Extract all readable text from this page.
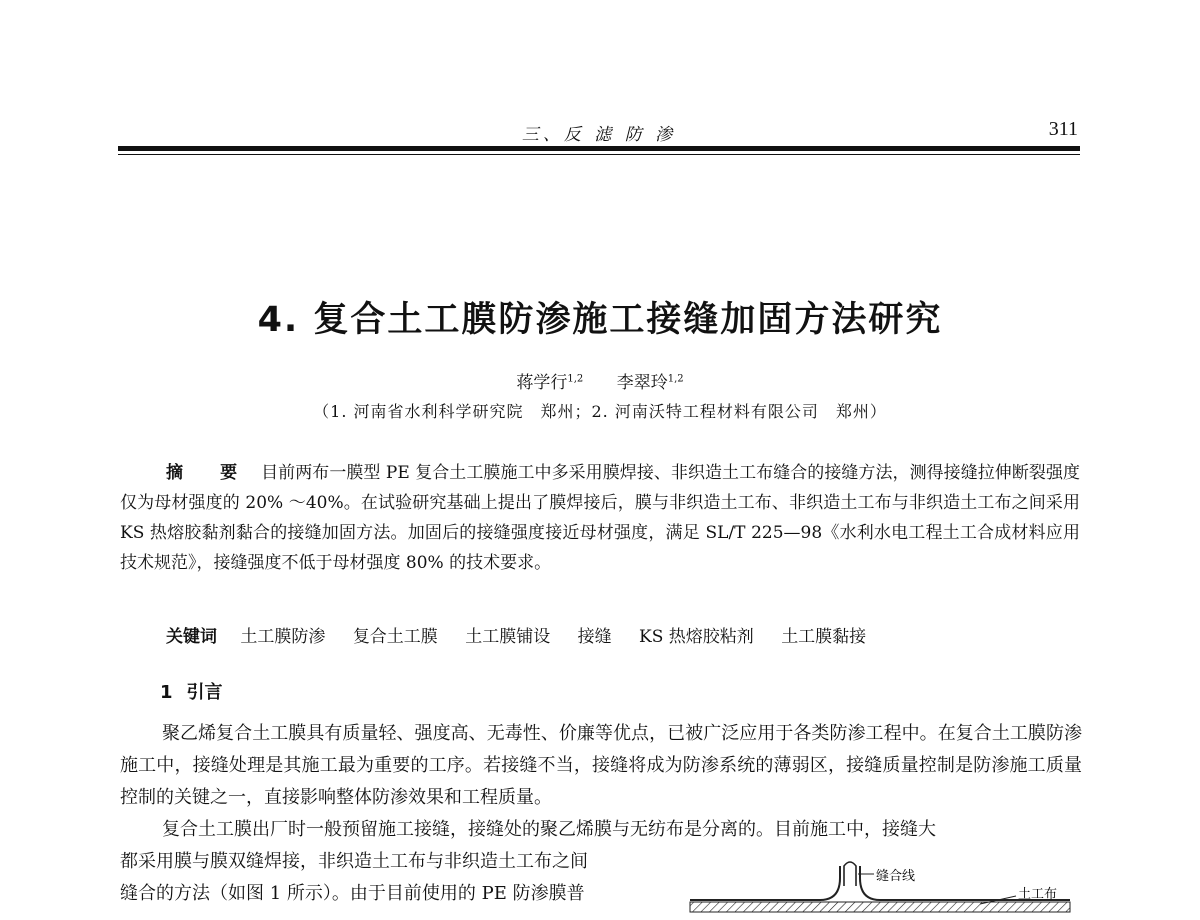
三、反 滤 防 渗	311
4. 复合土工膜防渗施工接缝加固方法研究
蒋学行$^{1,2}$ 李翠玲$^{1,2}$
（1. 河南省水利科学研究院　郑州；2. 河南沃特工程材料有限公司　郑州）
摘　要 目前两布一膜型 PE 复合土工膜施工中多采用膜焊接、非织造土工布缝合的接缝方法，测得接缝拉伸断裂强度仅为母材强度的 20% ～40%。在试验研究基础上提出了膜焊接后，膜与非织造土工布、非织造土工布与非织造土工布之间采用 KS 热熔胶黏剂黏合的接缝加固方法。加固后的接缝强度接近母材强度，满足 SL/T 225—98《水利水电工程土工合成材料应用技术规范》，接缝强度不低于母材强度 80% 的技术要求。
关键词 土工膜防渗 复合土工膜 土工膜铺设 接缝 KS 热熔胶粘剂 土工膜黏接
1 引言
聚乙烯复合土工膜具有质量轻、强度高、无毒性、价廉等优点，已被广泛应用于各类防渗工程中。在复合土工膜防渗施工中，接缝处理是其施工最为重要的工序。若接缝不当，接缝将成为防渗系统的薄弱区，接缝质量控制是防渗施工质量控制的关键之一，直接影响整体防渗效果和工程质量。
复合土工膜出厂时一般预留施工接缝，接缝处的聚乙烯膜与无纺布是分离的。目前施工中，接缝大
都采用膜与膜双缝焊接，非织造土工布与非织造土工布之间
缝合的方法（如图 1 所示）。由于目前使用的 PE 防渗膜普
缝合线
土工布
